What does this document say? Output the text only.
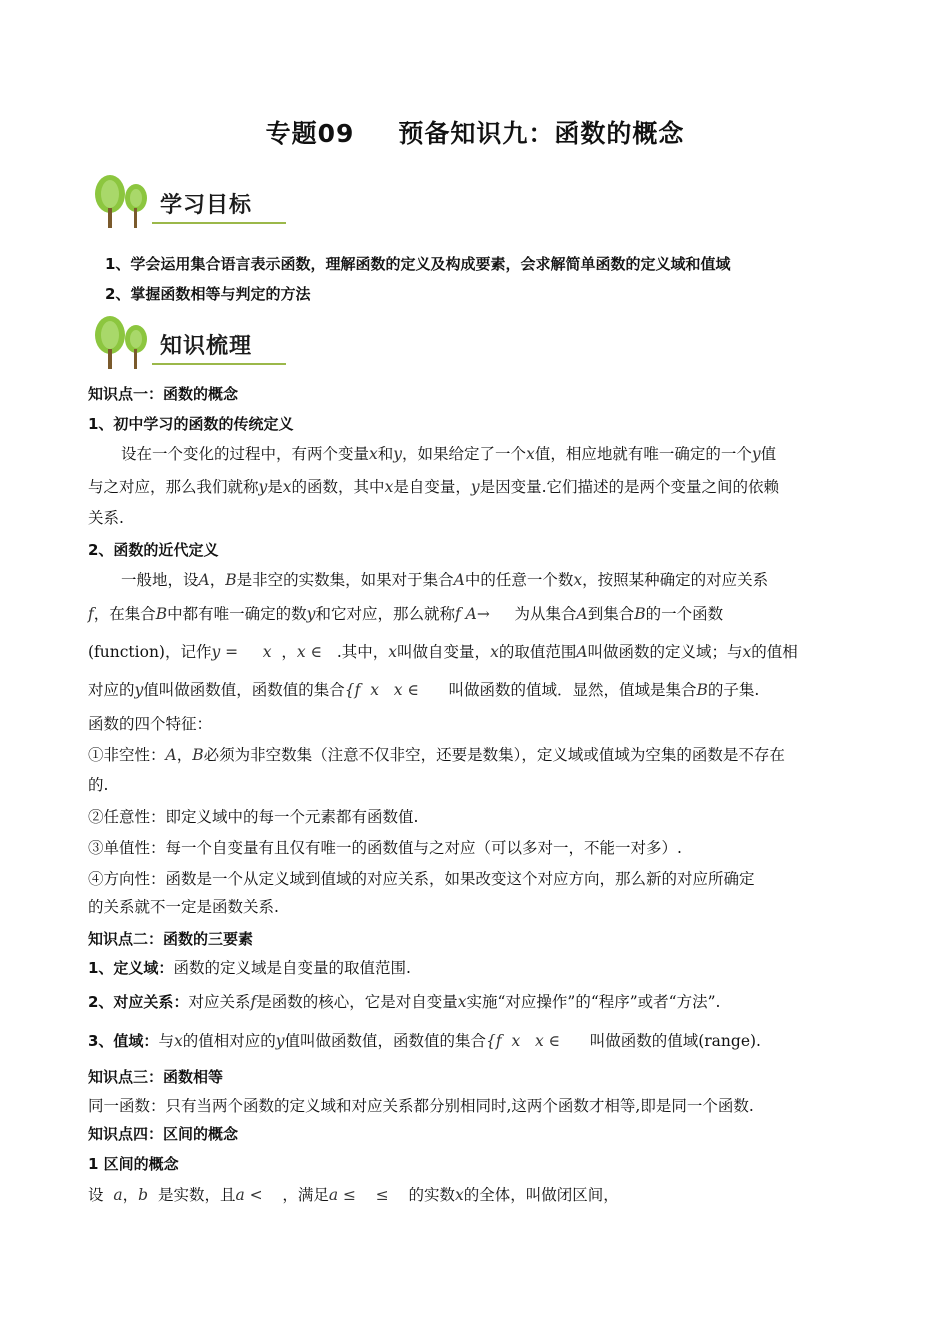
专题09 预备知识九：函数的概念
学习目标
1、学会运用集合语言表示函数，理解函数的定义及构成要素，会求解简单函数的定义域和值域
2、掌握函数相等与判定的方法
知识梳理
知识点一：函数的概念
1、初中学习的函数的传统定义
设在一个变化的过程中，有两个变量x和y，如果给定了一个x值，相应地就有唯一确定的一个y值
与之对应，那么我们就称y是x的函数，其中x是自变量，y是因变量.它们描述的是两个变量之间的依赖
关系.
2、函数的近代定义
一般地，设A，B是非空的实数集，如果对于集合A中的任意一个数x，按照某种确定的对应关系
f，在集合B中都有唯一确定的数y和它对应，那么就称f A→ 为从集合A到集合B的一个函数
(function)，记作y = x ，x ∈ .其中，x叫做自变量，x的取值范围A叫做函数的定义域；与x的值相
对应的y值叫做函数值，函数值的集合{f x x ∈ 叫做函数的值域．显然，值域是集合B的子集.
函数的四个特征：
①非空性：A，B必须为非空数集（注意不仅非空，还要是数集），定义域或值域为空集的函数是不存在
的.
②任意性：即定义域中的每一个元素都有函数值.
③单值性：每一个自变量有且仅有唯一的函数值与之对应（可以多对一，不能一对多）.
④方向性：函数是一个从定义域到值域的对应关系，如果改变这个对应方向，那么新的对应所确定
的关系就不一定是函数关系.
知识点二：函数的三要素
1、定义域：函数的定义域是自变量的取值范围.
2、对应关系：对应关系f是函数的核心，它是对自变量x实施“对应操作”的“程序”或者“方法”.
3、值域：与x的值相对应的y值叫做函数值，函数值的集合{f x x ∈ 叫做函数的值域(range).
知识点三：函数相等
同一函数：只有当两个函数的定义域和对应关系都分别相同时,这两个函数才相等,即是同一个函数.
知识点四：区间的概念
1 区间的概念
设 a，b 是实数，且a < ，满足a ≤ ≤ 的实数x的全体，叫做闭区间，
